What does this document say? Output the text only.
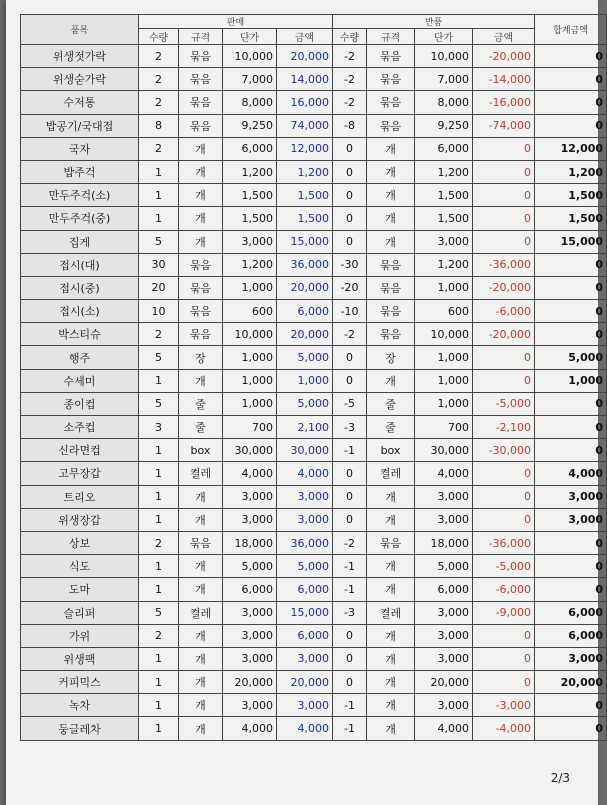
품목	판매				반품				합계금액
	수량	규격	단가	금액	수량	규격	단가	금액	
위생젓가락	2	묶음	10,000	20,000	-2	묶음	10,000	-20,000	0
위생숟가락	2	묶음	7,000	14,000	-2	묶음	7,000	-14,000	0
수저통	2	묶음	8,000	16,000	-2	묶음	8,000	-16,000	0
밥공기/국대접	8	묶음	9,250	74,000	-8	묶음	9,250	-74,000	0
국자	2	개	6,000	12,000	0	개	6,000	0	12,000
밥주걱	1	개	1,200	1,200	0	개	1,200	0	1,200
만두주걱(소)	1	개	1,500	1,500	0	개	1,500	0	1,500
만두주걱(중)	1	개	1,500	1,500	0	개	1,500	0	1,500
집게	5	개	3,000	15,000	0	개	3,000	0	15,000
접시(대)	30	묶음	1,200	36,000	-30	묶음	1,200	-36,000	0
접시(중)	20	묶음	1,000	20,000	-20	묶음	1,000	-20,000	0
접시(소)	10	묶음	600	6,000	-10	묶음	600	-6,000	0
박스티슈	2	묶음	10,000	20,000	-2	묶음	10,000	-20,000	0
행주	5	장	1,000	5,000	0	장	1,000	0	5,000
수세미	1	개	1,000	1,000	0	개	1,000	0	1,000
종이컵	5	줄	1,000	5,000	-5	줄	1,000	-5,000	0
소주컵	3	줄	700	2,100	-3	줄	700	-2,100	0
신라면컵	1	box	30,000	30,000	-1	box	30,000	-30,000	0
고무장갑	1	켤레	4,000	4,000	0	켤레	4,000	0	4,000
트리오	1	개	3,000	3,000	0	개	3,000	0	3,000
위생장갑	1	개	3,000	3,000	0	개	3,000	0	3,000
상보	2	묶음	18,000	36,000	-2	묶음	18,000	-36,000	0
식도	1	개	5,000	5,000	-1	개	5,000	-5,000	0
도마	1	개	6,000	6,000	-1	개	6,000	-6,000	0
슬리퍼	5	켤레	3,000	15,000	-3	켤레	3,000	-9,000	6,000
가위	2	개	3,000	6,000	0	개	3,000	0	6,000
위생팩	1	개	3,000	3,000	0	개	3,000	0	3,000
커피믹스	1	개	20,000	20,000	0	개	20,000	0	20,000
녹차	1	개	3,000	3,000	-1	개	3,000	-3,000	0
둥글레차	1	개	4,000	4,000	-1	개	4,000	-4,000	0
2/3
